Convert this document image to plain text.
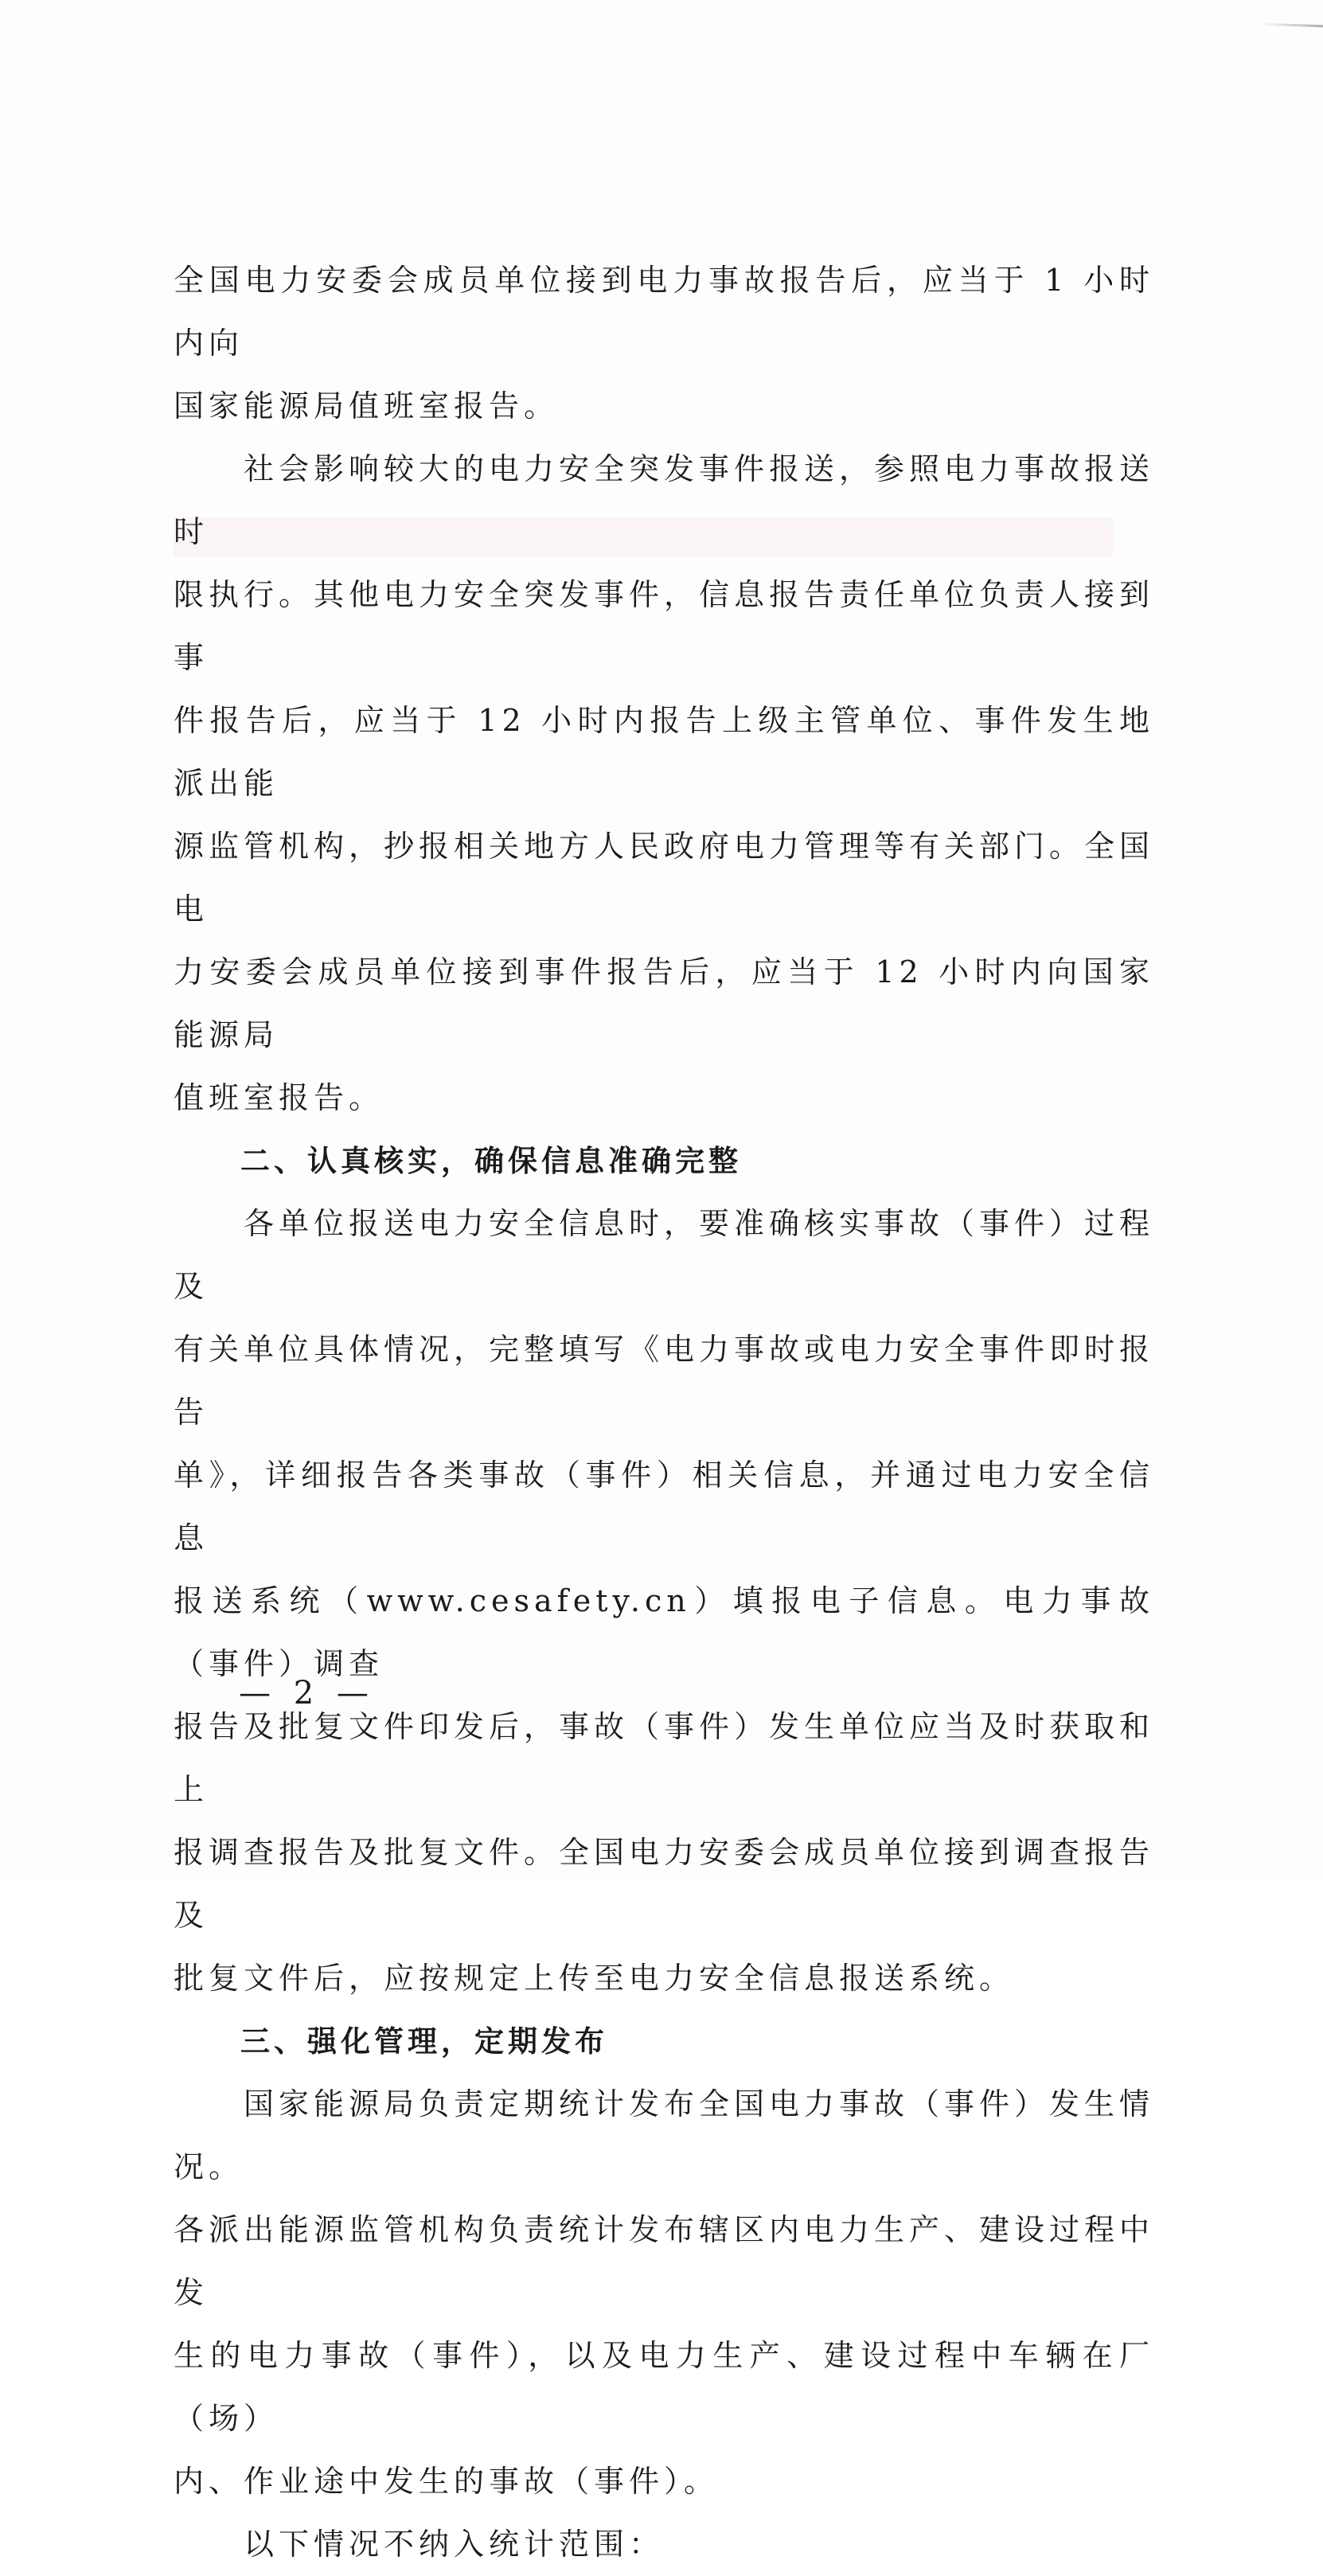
全国电力安委会成员单位接到电力事故报告后，应当于 1 小时内向
国家能源局值班室报告。

　　社会影响较大的电力安全突发事件报送，参照电力事故报送时
限执行。其他电力安全突发事件，信息报告责任单位负责人接到事
件报告后，应当于 12 小时内报告上级主管单位、事件发生地派出能
源监管机构，抄报相关地方人民政府电力管理等有关部门。全国电
力安委会成员单位接到事件报告后，应当于 12 小时内向国家能源局
值班室报告。

　　二、认真核实，确保信息准确完整

　　各单位报送电力安全信息时，要准确核实事故（事件）过程及
有关单位具体情况，完整填写《电力事故或电力安全事件即时报告
单》，详细报告各类事故（事件）相关信息，并通过电力安全信息
报送系统（www.cesafety.cn）填报电子信息。电力事故（事件）调查
报告及批复文件印发后，事故（事件）发生单位应当及时获取和上
报调查报告及批复文件。全国电力安委会成员单位接到调查报告及
批复文件后，应按规定上传至电力安全信息报送系统。

　　三、强化管理，定期发布

　　国家能源局负责定期统计发布全国电力事故（事件）发生情况。
各派出能源监管机构负责统计发布辖区内电力生产、建设过程中发
生的电力事故（事件），以及电力生产、建设过程中车辆在厂（场）
内、作业途中发生的事故（事件）。

　　以下情况不纳入统计范围：

— 2 —
